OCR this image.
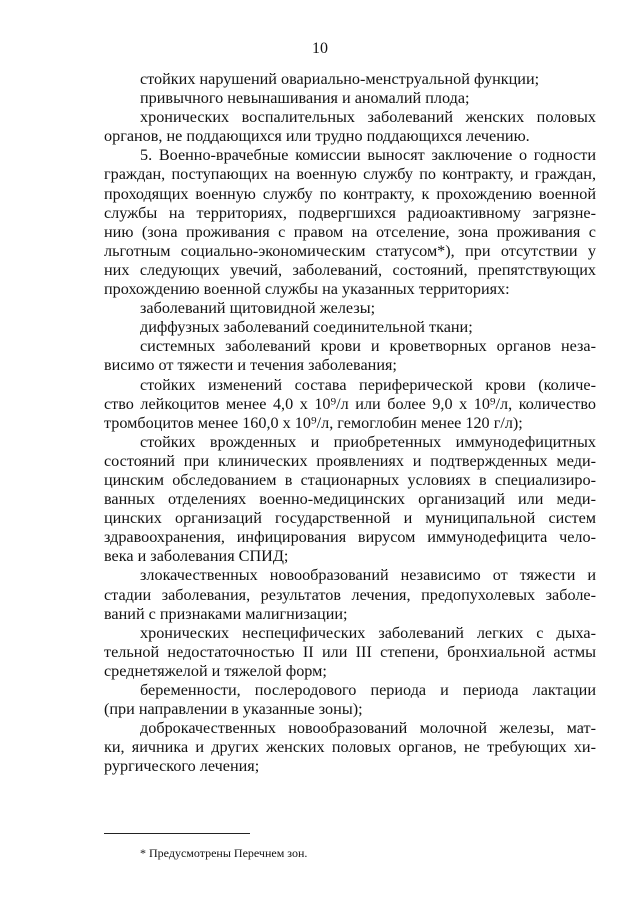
10
стойких нарушений овариально-менструальной функции;
привычного невынашивания и аномалий плода;
хронических воспалительных заболеваний женских половых
органов, не поддающихся или трудно поддающихся лечению.
5. Военно-врачебные комиссии выносят заключение о годности
граждан, поступающих на военную службу по контракту, и граждан,
проходящих военную службу по контракту, к прохождению военной
службы на территориях, подвергшихся радиоактивному загрязне-
нию (зона проживания с правом на отселение, зона проживания с
льготным социально-экономическим статусом*), при отсутствии у
них следующих увечий, заболеваний, состояний, препятствующих
прохождению военной службы на указанных территориях:
заболеваний щитовидной железы;
диффузных заболеваний соединительной ткани;
системных заболеваний крови и кроветворных органов неза-
висимо от тяжести и течения заболевания;
стойких изменений состава периферической крови (количе-
ство лейкоцитов менее 4,0 х 10⁹/л или более 9,0 х 10⁹/л, количество
тромбоцитов менее 160,0 х 10⁹/л, гемоглобин менее 120 г/л);
стойких врожденных и приобретенных иммунодефицитных
состояний при клинических проявлениях и подтвержденных меди-
цинским обследованием в стационарных условиях в специализиро-
ванных отделениях военно-медицинских организаций или меди-
цинских организаций государственной и муниципальной систем
здравоохранения, инфицирования вирусом иммунодефицита чело-
века и заболевания СПИД;
злокачественных новообразований независимо от тяжести и
стадии заболевания, результатов лечения, предопухолевых заболе-
ваний с признаками малигнизации;
хронических неспецифических заболеваний легких с дыха-
тельной недостаточностью II или III степени, бронхиальной астмы
среднетяжелой и тяжелой форм;
беременности, послеродового периода и периода лактации
(при направлении в указанные зоны);
доброкачественных новообразований молочной железы, мат-
ки, яичника и других женских половых органов, не требующих хи-
рургического лечения;
* Предусмотрены Перечнем зон.
